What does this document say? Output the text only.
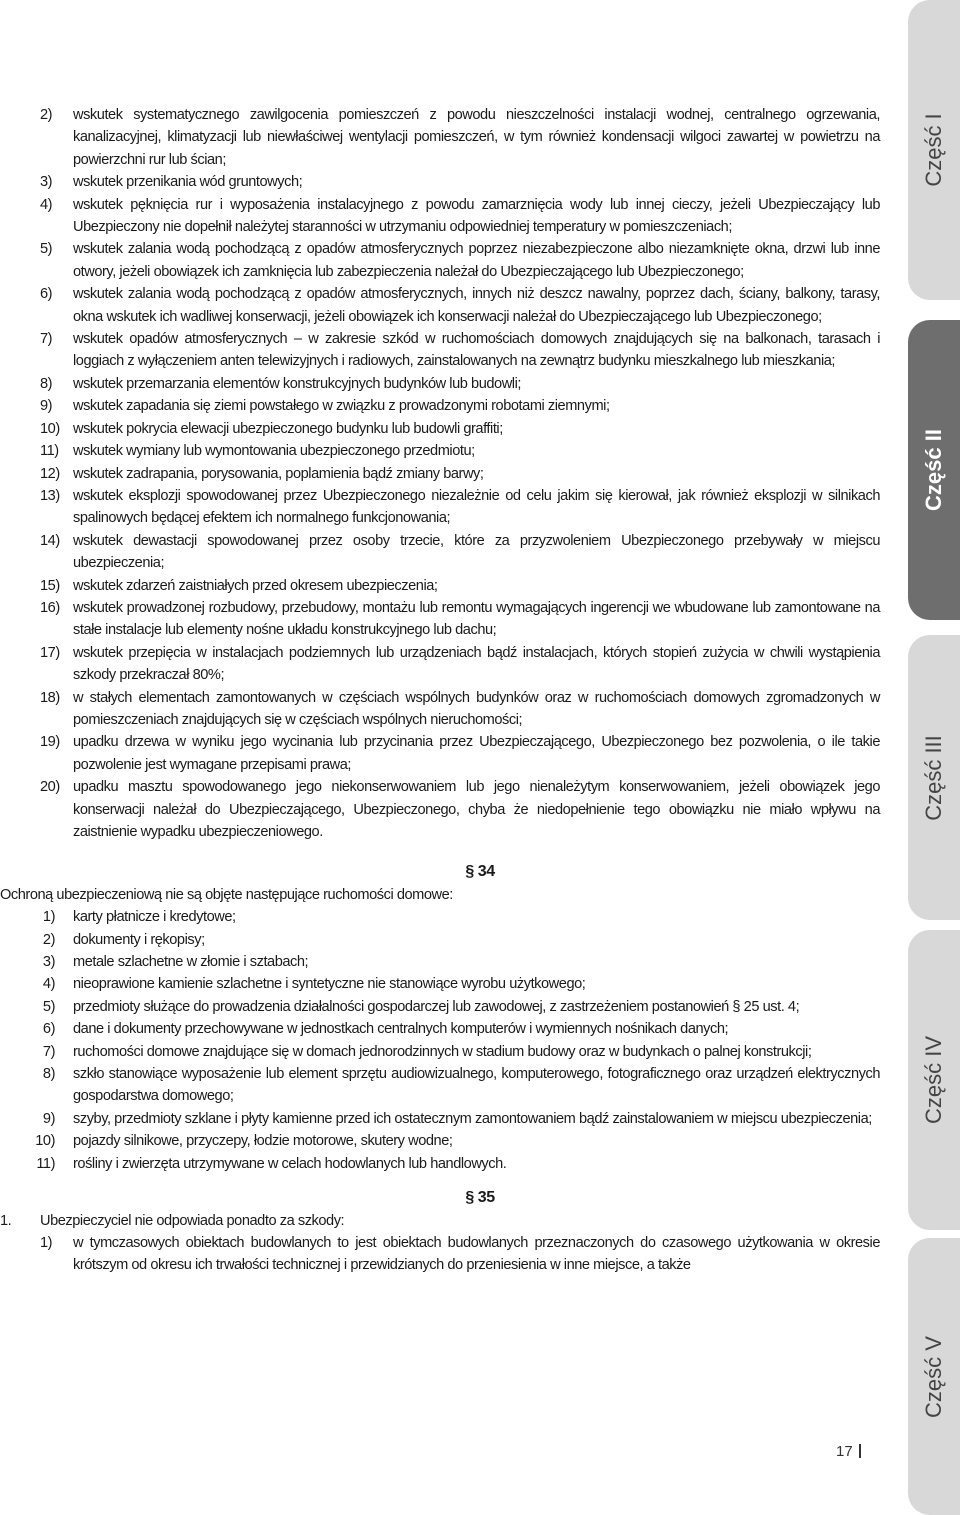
2)	wskutek systematycznego zawilgocenia pomieszczeń z powodu nieszczelności instalacji wodnej, centralnego ogrzewania, kanalizacyjnej, klimatyzacji lub niewłaściwej wentylacji pomieszczeń, w tym również kondensacji wilgoci zawartej w powietrzu na powierzchni rur lub ścian;
3)	wskutek przenikania wód gruntowych;
4)	wskutek pęknięcia rur i wyposażenia instalacyjnego z powodu zamarznięcia wody lub innej cieczy, jeżeli Ubezpieczający lub Ubezpieczony nie dopełnił należytej staranności w utrzymaniu odpowiedniej temperatury w pomieszczeniach;
5)	wskutek zalania wodą pochodzącą z opadów atmosferycznych poprzez niezabezpieczone albo niezamknięte okna, drzwi lub inne otwory, jeżeli obowiązek ich zamknięcia lub zabezpieczenia należał do Ubezpieczającego lub Ubezpieczonego;
6)	wskutek zalania wodą pochodzącą z opadów atmosferycznych, innych niż deszcz nawalny, poprzez dach, ściany, balkony, tarasy, okna wskutek ich wadliwej konserwacji, jeżeli obowiązek ich konserwacji należał do Ubezpieczającego lub Ubezpieczonego;
7)	wskutek opadów atmosferycznych – w zakresie szkód w ruchomościach domowych znajdujących się na balkonach, tarasach i loggiach z wyłączeniem anten telewizyjnych i radiowych, zainstalowanych na zewnątrz budynku mieszkalnego lub mieszkania;
8)	wskutek przemarzania elementów konstrukcyjnych budynków lub budowli;
9)	wskutek zapadania się ziemi powstałego w związku z prowadzonymi robotami ziemnymi;
10) wskutek pokrycia elewacji ubezpieczonego budynku lub budowli graffiti;
11) wskutek wymiany lub wymontowania ubezpieczonego przedmiotu;
12) wskutek zadrapania, porysowania, poplamienia bądź zmiany barwy;
13) wskutek eksplozji spowodowanej przez Ubezpieczonego niezależnie od celu jakim się kierował, jak również eksplozji w silnikach spalinowych będącej efektem ich normalnego funkcjonowania;
14) wskutek dewastacji spowodowanej przez osoby trzecie, które za przyzwoleniem Ubezpieczonego przebywały w miejscu ubezpieczenia;
15) wskutek zdarzeń zaistniałych przed okresem ubezpieczenia;
16) wskutek prowadzonej rozbudowy, przebudowy, montażu lub remontu wymagających ingerencji we wbudowane lub zamontowane na stałe instalacje lub elementy nośne układu konstrukcyjnego lub dachu;
17) wskutek przepięcia w instalacjach podziemnych lub urządzeniach bądź instalacjach, których stopień zużycia w chwili wystąpienia szkody przekraczał 80%;
18) w stałych elementach zamontowanych w częściach wspólnych budynków oraz w ruchomościach domowych zgromadzonych w pomieszczeniach znajdujących się w częściach wspólnych nieruchomości;
19) upadku drzewa w wyniku jego wycinania lub przycinania przez Ubezpieczającego, Ubezpieczonego bez pozwolenia, o ile takie pozwolenie jest wymagane przepisami prawa;
20) upadku masztu spowodowanego jego niekonserwowaniem lub jego nienależytym konserwowaniem, jeżeli obowiązek jego konserwacji należał do Ubezpieczającego, Ubezpieczonego, chyba że niedopełnienie tego obowiązku nie miało wpływu na zaistnienie wypadku ubezpieczeniowego.
§ 34
Ochroną ubezpieczeniową nie są objęte następujące ruchomości domowe:
1)	karty płatnicze i kredytowe;
2)	dokumenty i rękopisy;
3)	metale szlachetne w złomie i sztabach;
4)	nieoprawione kamienie szlachetne i syntetyczne nie stanowiące wyrobu użytkowego;
5)	przedmioty służące do prowadzenia działalności gospodarczej lub zawodowej, z zastrzeżeniem postanowień § 25 ust. 4;
6)	dane i dokumenty przechowywane w jednostkach centralnych komputerów i wymiennych nośnikach danych;
7)	ruchomości domowe znajdujące się w domach jednorodzinnych w stadium budowy oraz w budynkach o palnej konstrukcji;
8)	szkło stanowiące wyposażenie lub element sprzętu audiowizualnego, komputerowego, fotograficznego oraz urządzeń elektrycznych gospodarstwa domowego;
9)	szyby, przedmioty szklane i płyty kamienne przed ich ostatecznym zamontowaniem bądź zainstalowaniem w miejscu ubezpieczenia;
10)	pojazdy silnikowe, przyczepy, łodzie motorowe, skutery wodne;
11)	rośliny i zwierzęta utrzymywane w celach hodowlanych lub handlowych.
§ 35
1.	Ubezpieczyciel nie odpowiada ponadto za szkody:
1)	w tymczasowych obiektach budowlanych to jest obiektach budowlanych przeznaczonych do czasowego użytkowania w okresie krótszym od okresu ich trwałości technicznej i przewidzianych do przeniesienia w inne miejsce, a także
17
Część I
Część II
Część III
Część IV
Część V
